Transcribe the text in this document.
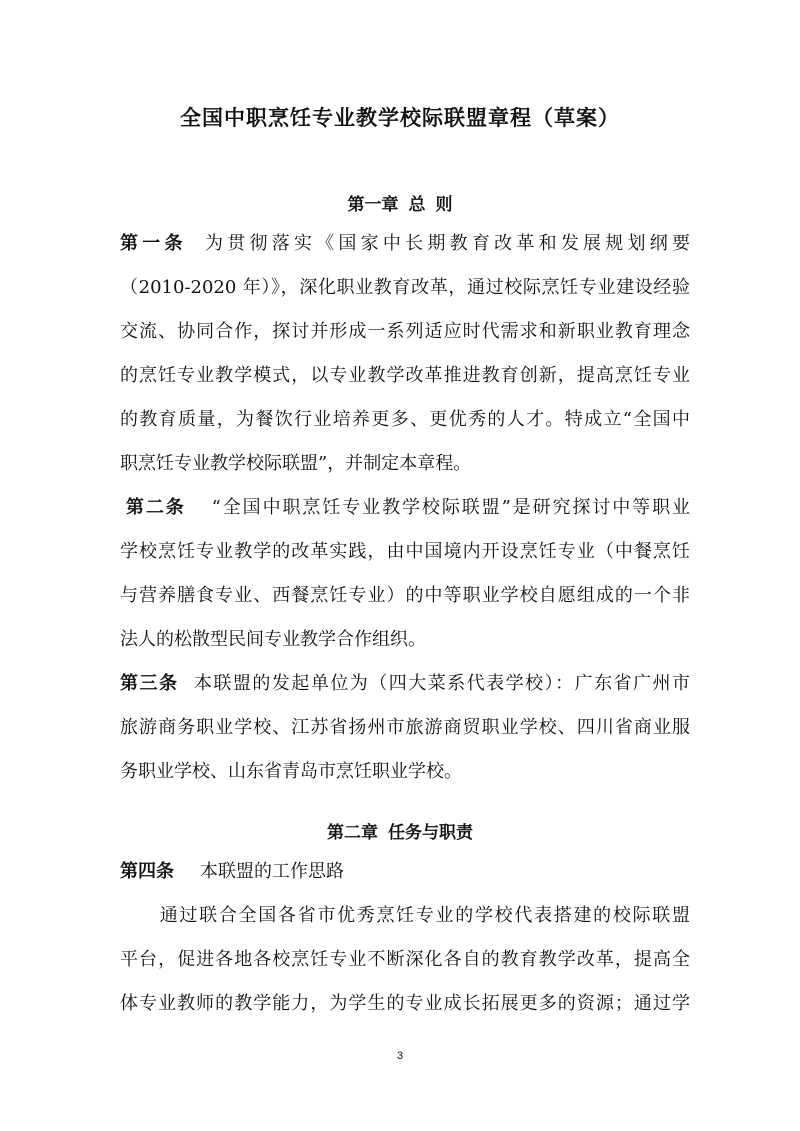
全国中职烹饪专业教学校际联盟章程（草案）
第一章 总 则
第一条 为贯彻落实《国家中长期教育改革和发展规划纲要
（2010-2020 年）》，深化职业教育改革，通过校际烹饪专业建设经验
交流、协同合作，探讨并形成一系列适应时代需求和新职业教育理念
的烹饪专业教学模式，以专业教学改革推进教育创新，提高烹饪专业
的教育质量，为餐饮行业培养更多、更优秀的人才。特成立“全国中
职烹饪专业教学校际联盟”，并制定本章程。
第二条 “全国中职烹饪专业教学校际联盟”是研究探讨中等职业
学校烹饪专业教学的改革实践，由中国境内开设烹饪专业（中餐烹饪
与营养膳食专业、西餐烹饪专业）的中等职业学校自愿组成的一个非
法人的松散型民间专业教学合作组织。
第三条 本联盟的发起单位为（四大菜系代表学校）：广东省广州市
旅游商务职业学校、江苏省扬州市旅游商贸职业学校、四川省商业服
务职业学校、山东省青岛市烹饪职业学校。
第二章 任务与职责
第四条 本联盟的工作思路
通过联合全国各省市优秀烹饪专业的学校代表搭建的校际联盟
平台，促进各地各校烹饪专业不断深化各自的教育教学改革，提高全
体专业教师的教学能力，为学生的专业成长拓展更多的资源；通过学
3
